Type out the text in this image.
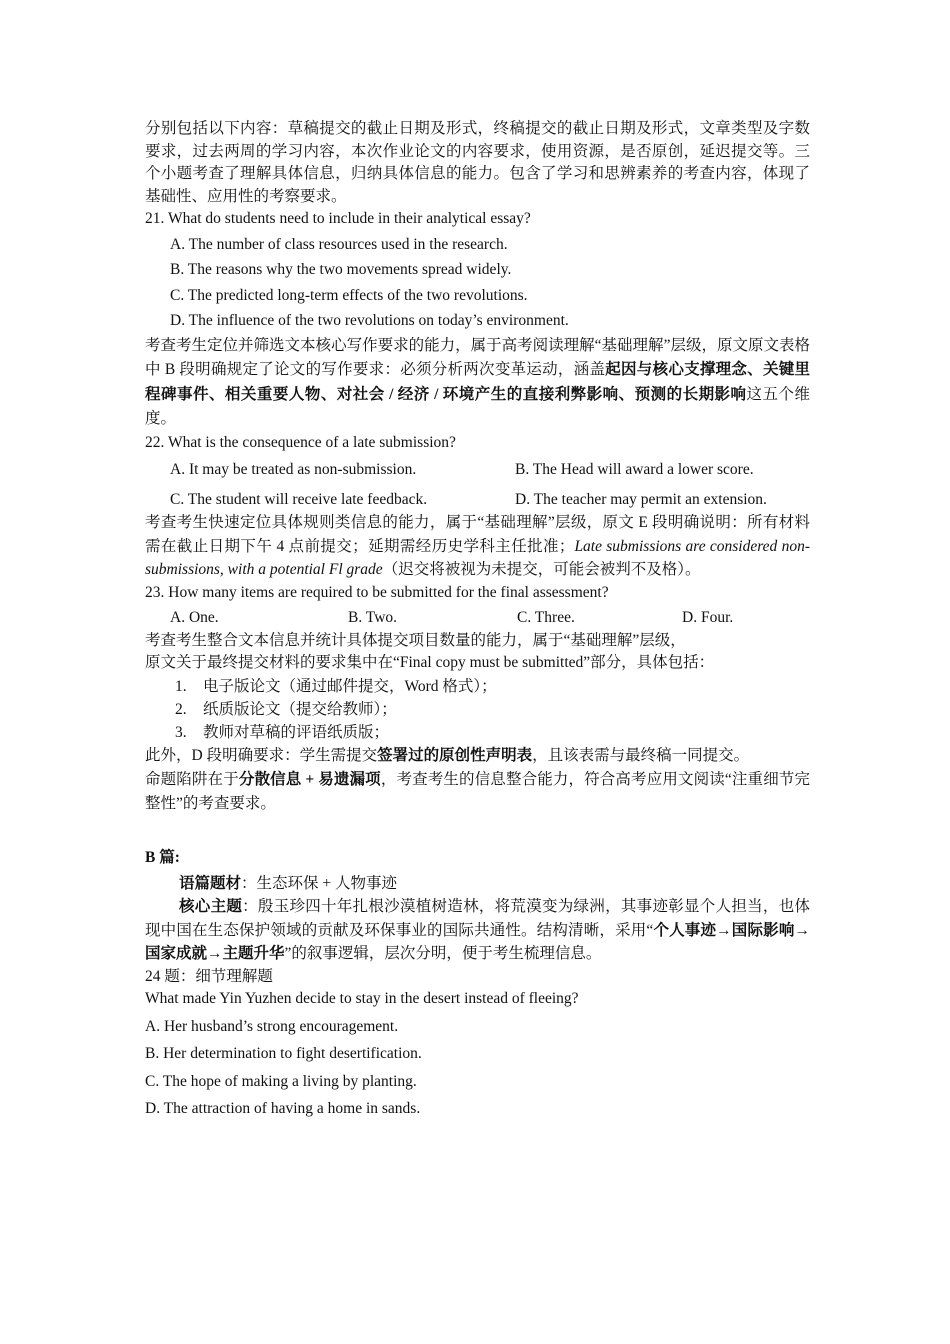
分别包括以下内容：草稿提交的截止日期及形式，终稿提交的截止日期及形式，文章类型及字数要求，过去两周的学习内容，本次作业论文的内容要求，使用资源，是否原创，延迟提交等。三个小题考查了理解具体信息，归纳具体信息的能力。包含了学习和思辨素养的考查内容，体现了基础性、应用性的考察要求。

21. What do students need to include in their analytical essay?

A. The number of class resources used in the research.

B. The reasons why the two movements spread widely.

C. The predicted long-term effects of the two revolutions.

D. The influence of the two revolutions on today’s environment.

考查考生定位并筛选文本核心写作要求的能力，属于高考阅读理解“基础理解”层级，原文原文表格中 B 段明确规定了论文的写作要求：必须分析两次变革运动，涵盖起因与核心支撑理念、关键里程碑事件、相关重要人物、对社会 / 经济 / 环境产生的直接利弊影响、预测的长期影响这五个维度。

22. What is the consequence of a late submission?

A. It may be treated as non-submission.	B. The Head will award a lower score.
C. The student will receive late feedback.	D. The teacher may permit an extension.

考查考生快速定位具体规则类信息的能力，属于“基础理解”层级，原文 E 段明确说明：所有材料需在截止日期下午 4 点前提交；延期需经历史学科主任批准；Late submissions are considered non-submissions, with a potential Fl grade（迟交将被视为未提交，可能会被判不及格）。

23. How many items are required to be submitted for the final assessment?

A. One.	B. Two.	C. Three.	D. Four.

考查考生整合文本信息并统计具体提交项目数量的能力，属于“基础理解”层级，

原文关于最终提交材料的要求集中在“Final copy must be submitted”部分，具体包括：

1. 电子版论文（通过邮件提交，Word 格式）；

2. 纸质版论文（提交给教师）；

3. 教师对草稿的评语纸质版；

此外，D 段明确要求：学生需提交签署过的原创性声明表，且该表需与最终稿一同提交。

命题陷阱在于分散信息 + 易遗漏项，考查考生的信息整合能力，符合高考应用文阅读“注重细节完整性”的考查要求。

B 篇:

语篇题材：生态环保 + 人物事迹

核心主题：殷玉珍四十年扎根沙漠植树造林，将荒漠变为绿洲，其事迹彰显个人担当，也体现中国在生态保护领域的贡献及环保事业的国际共通性。结构清晰，采用“个人事迹→国际影响→ 国家成就→主题升华”的叙事逻辑，层次分明，便于考生梳理信息。

24 题：细节理解题

What made Yin Yuzhen decide to stay in the desert instead of fleeing?

A. Her husband’s strong encouragement.

B. Her determination to fight desertification.

C. The hope of making a living by planting.

D. The attraction of having a home in sands.
